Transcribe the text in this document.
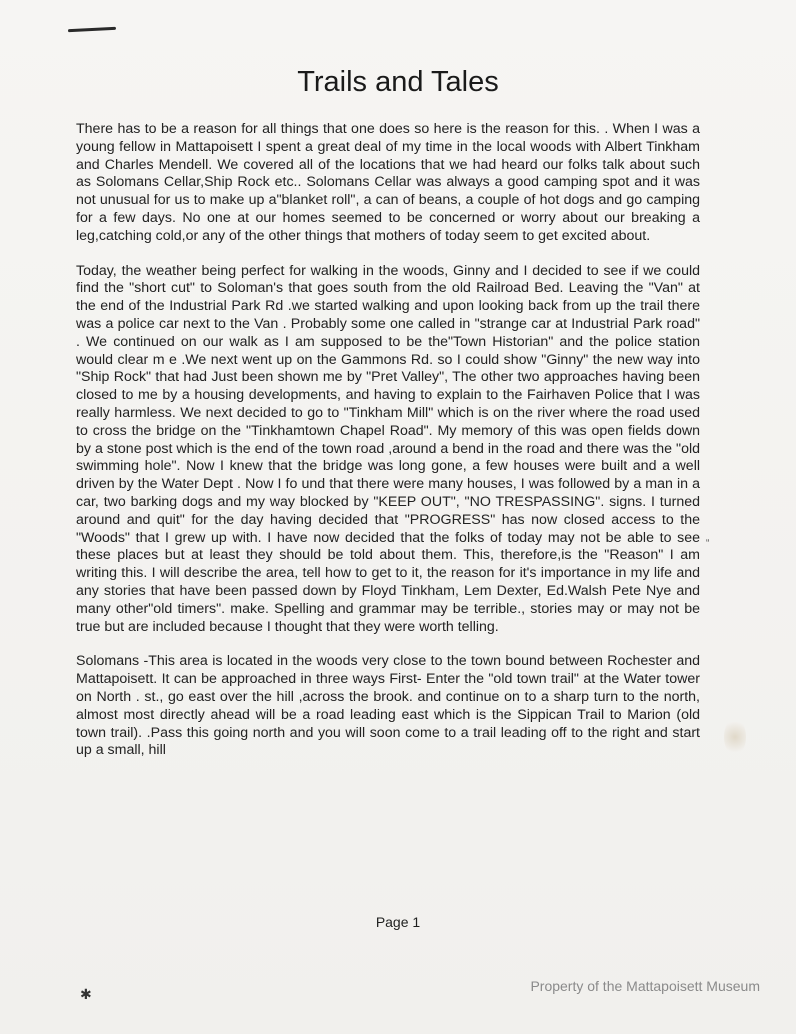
Trails and Tales

There has to be a reason for all things that one does so here is the reason for this. . When I was a young fellow in Mattapoisett I spent a great deal of my time in the local woods with Albert Tinkham and Charles Mendell. We covered all of the locations that we had heard our folks talk about such as Solomans Cellar,Ship Rock etc.. Solomans Cellar was always a good camping spot and it was not unusual for us to make up a"blanket roll", a can of beans, a couple of hot dogs and go camping for a few days. No one at our homes seemed to be concerned or worry about our breaking a leg,catching cold,or any of the other things that mothers of today seem to get excited about.

Today, the weather being perfect for walking in the woods, Ginny and I decided to see if we could find the "short cut" to Soloman's that goes south from the old Railroad Bed. Leaving the "Van" at the end of the Industrial Park Rd .we started walking and upon looking back from up the trail there was a police car next to the Van . Probably some one called in "strange car at Industrial Park road" . We continued on our walk as I am supposed to be the"Town Historian" and the police station would clear m e .We next went up on the Gammons Rd. so I could show "Ginny" the new way into "Ship Rock" that had Just been shown me by "Pret Valley", The other two approaches having been closed to me by a housing developments, and having to explain to the Fairhaven Police that I was really harmless. We next decided to go to "Tinkham Mill" which is on the river where the road used to cross the bridge on the "Tinkhamtown Chapel Road". My memory of this was open fields down by a stone post which is the end of the town road ,around a bend in the road and there was the "old swimming hole". Now I knew that the bridge was long gone, a few houses were built and a well driven by the Water Dept . Now I fo und that there were many houses, I was followed by a man in a car, two barking dogs and my way blocked by "KEEP OUT", "NO TRESPASSING". signs. I turned around and quit" for the day having decided that "PROGRESS" has now closed access to the "Woods" that I grew up with. I have now decided that the folks of today may not be able to see these places but at least they should be told about them. This, therefore,is the "Reason" I am writing this. I will describe the area, tell how to get to it, the reason for it's importance in my life and any stories that have been passed down by Floyd Tinkham, Lem Dexter, Ed.Walsh Pete Nye and many other"old timers". make. Spelling and grammar may be terrible., stories may or may not be true but are included because I thought that they were worth telling.

Solomans -This area is located in the woods very close to the town bound between Rochester and Mattapoisett. It can be approached in three ways First- Enter the "old town trail" at the Water tower on North . st., go east over the hill ,across the brook. and continue on to a sharp turn to the north, almost most directly ahead will be a road leading east which is the Sippican Trail to Marion (old town trail). .Pass this going north and you will soon come to a trail leading off to the right and start up a small, hill

“
Page 1
✱	Property of the Mattapoisett Museum
